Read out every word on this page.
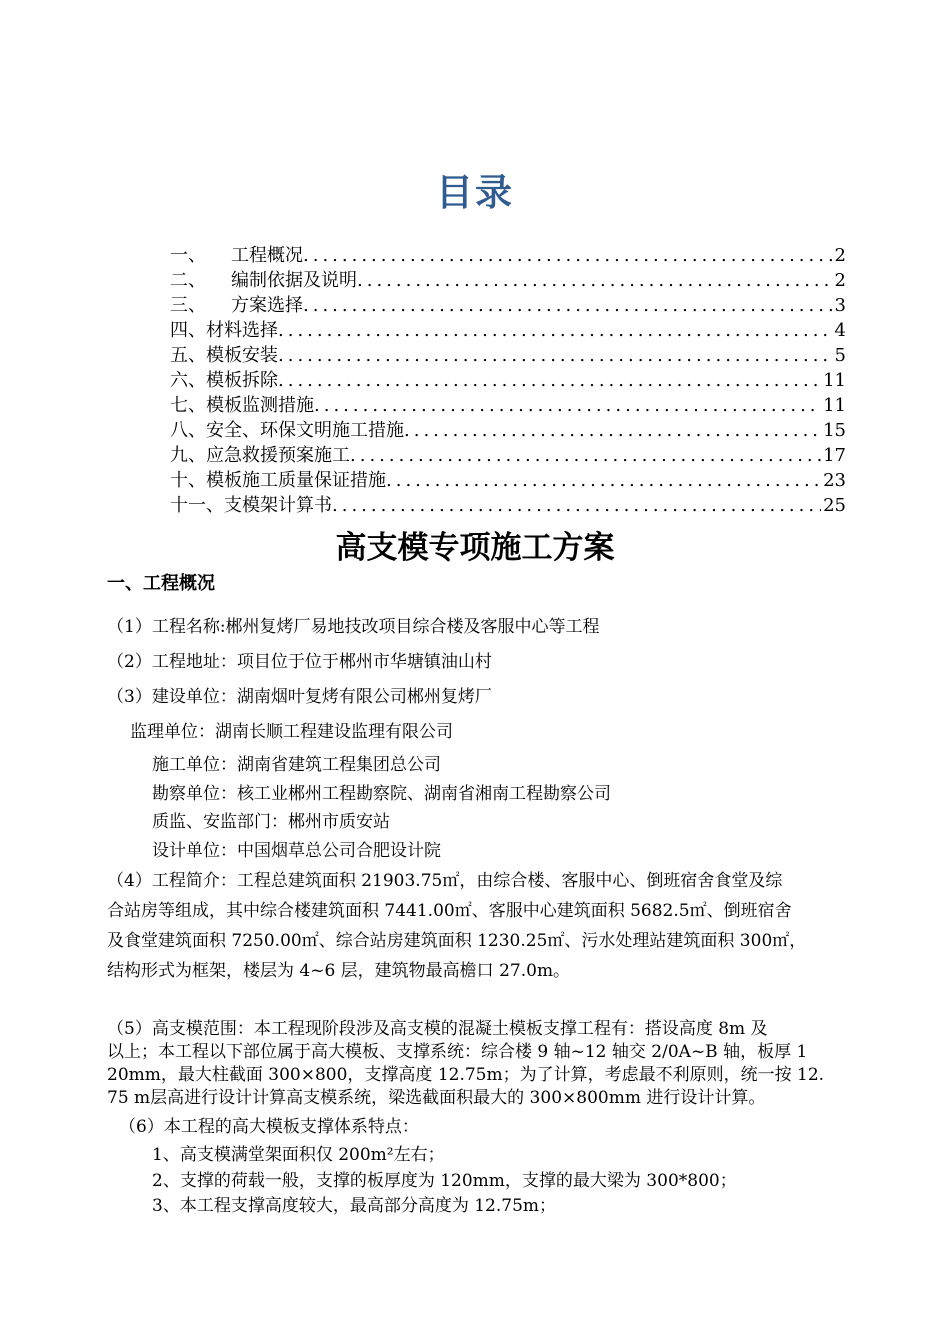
目录
一、 工程概况 .....	2
二、 编制依据及说明 .....	2
三、 方案选择 .....	3
四、 材料选择 .....	4
五、 模板安装 .....	5
六、 模板拆除 .....	11
七、 模板监测措施 .....	11
八、 安全、环保文明施工措施 .....	15
九、 应急救援预案施工 .....	17
十、 模板施工质量保证措施 .....	23
十一、 支模架计算书 .....	25
高支模专项施工方案
一、工程概况
（1）工程名称:郴州复烤厂易地技改项目综合楼及客服中心等工程
（2）工程地址：项目位于位于郴州市华塘镇油山村
（3）建设单位：湖南烟叶复烤有限公司郴州复烤厂
监理单位：湖南长顺工程建设监理有限公司
施工单位：湖南省建筑工程集团总公司
勘察单位：核工业郴州工程勘察院、湖南省湘南工程勘察公司
质监、安监部门：郴州市质安站
设计单位：中国烟草总公司合肥设计院
（4）工程简介：工程总建筑面积 21903.75㎡，由综合楼、客服中心、倒班宿舍食堂及综
合站房等组成，其中综合楼建筑面积 7441.00㎡、客服中心建筑面积 5682.5㎡、倒班宿舍
及食堂建筑面积 7250.00㎡、综合站房建筑面积 1230.25㎡、污水处理站建筑面积 300㎡，
结构形式为框架，楼层为 4~6 层，建筑物最高檐口 27.0m。
（5）高支模范围：本工程现阶段涉及高支模的混凝土模板支撑工程有：搭设高度 8m 及
以上；本工程以下部位属于高大模板、支撑系统：综合楼 9 轴~12 轴交 2/0A~B 轴，板厚 1
20mm，最大柱截面 300×800，支撑高度 12.75m；为了计算，考虑最不利原则，统一按 12.
75 m层高进行设计计算高支模系统，梁选截面积最大的 300×800mm 进行设计计算。
（6）本工程的高大模板支撑体系特点：
1、高支模满堂架面积仅 200m²左右；
2、支撑的荷载一般，支撑的板厚度为 120mm，支撑的最大梁为 300*800；
3、本工程支撑高度较大，最高部分高度为 12.75m；
